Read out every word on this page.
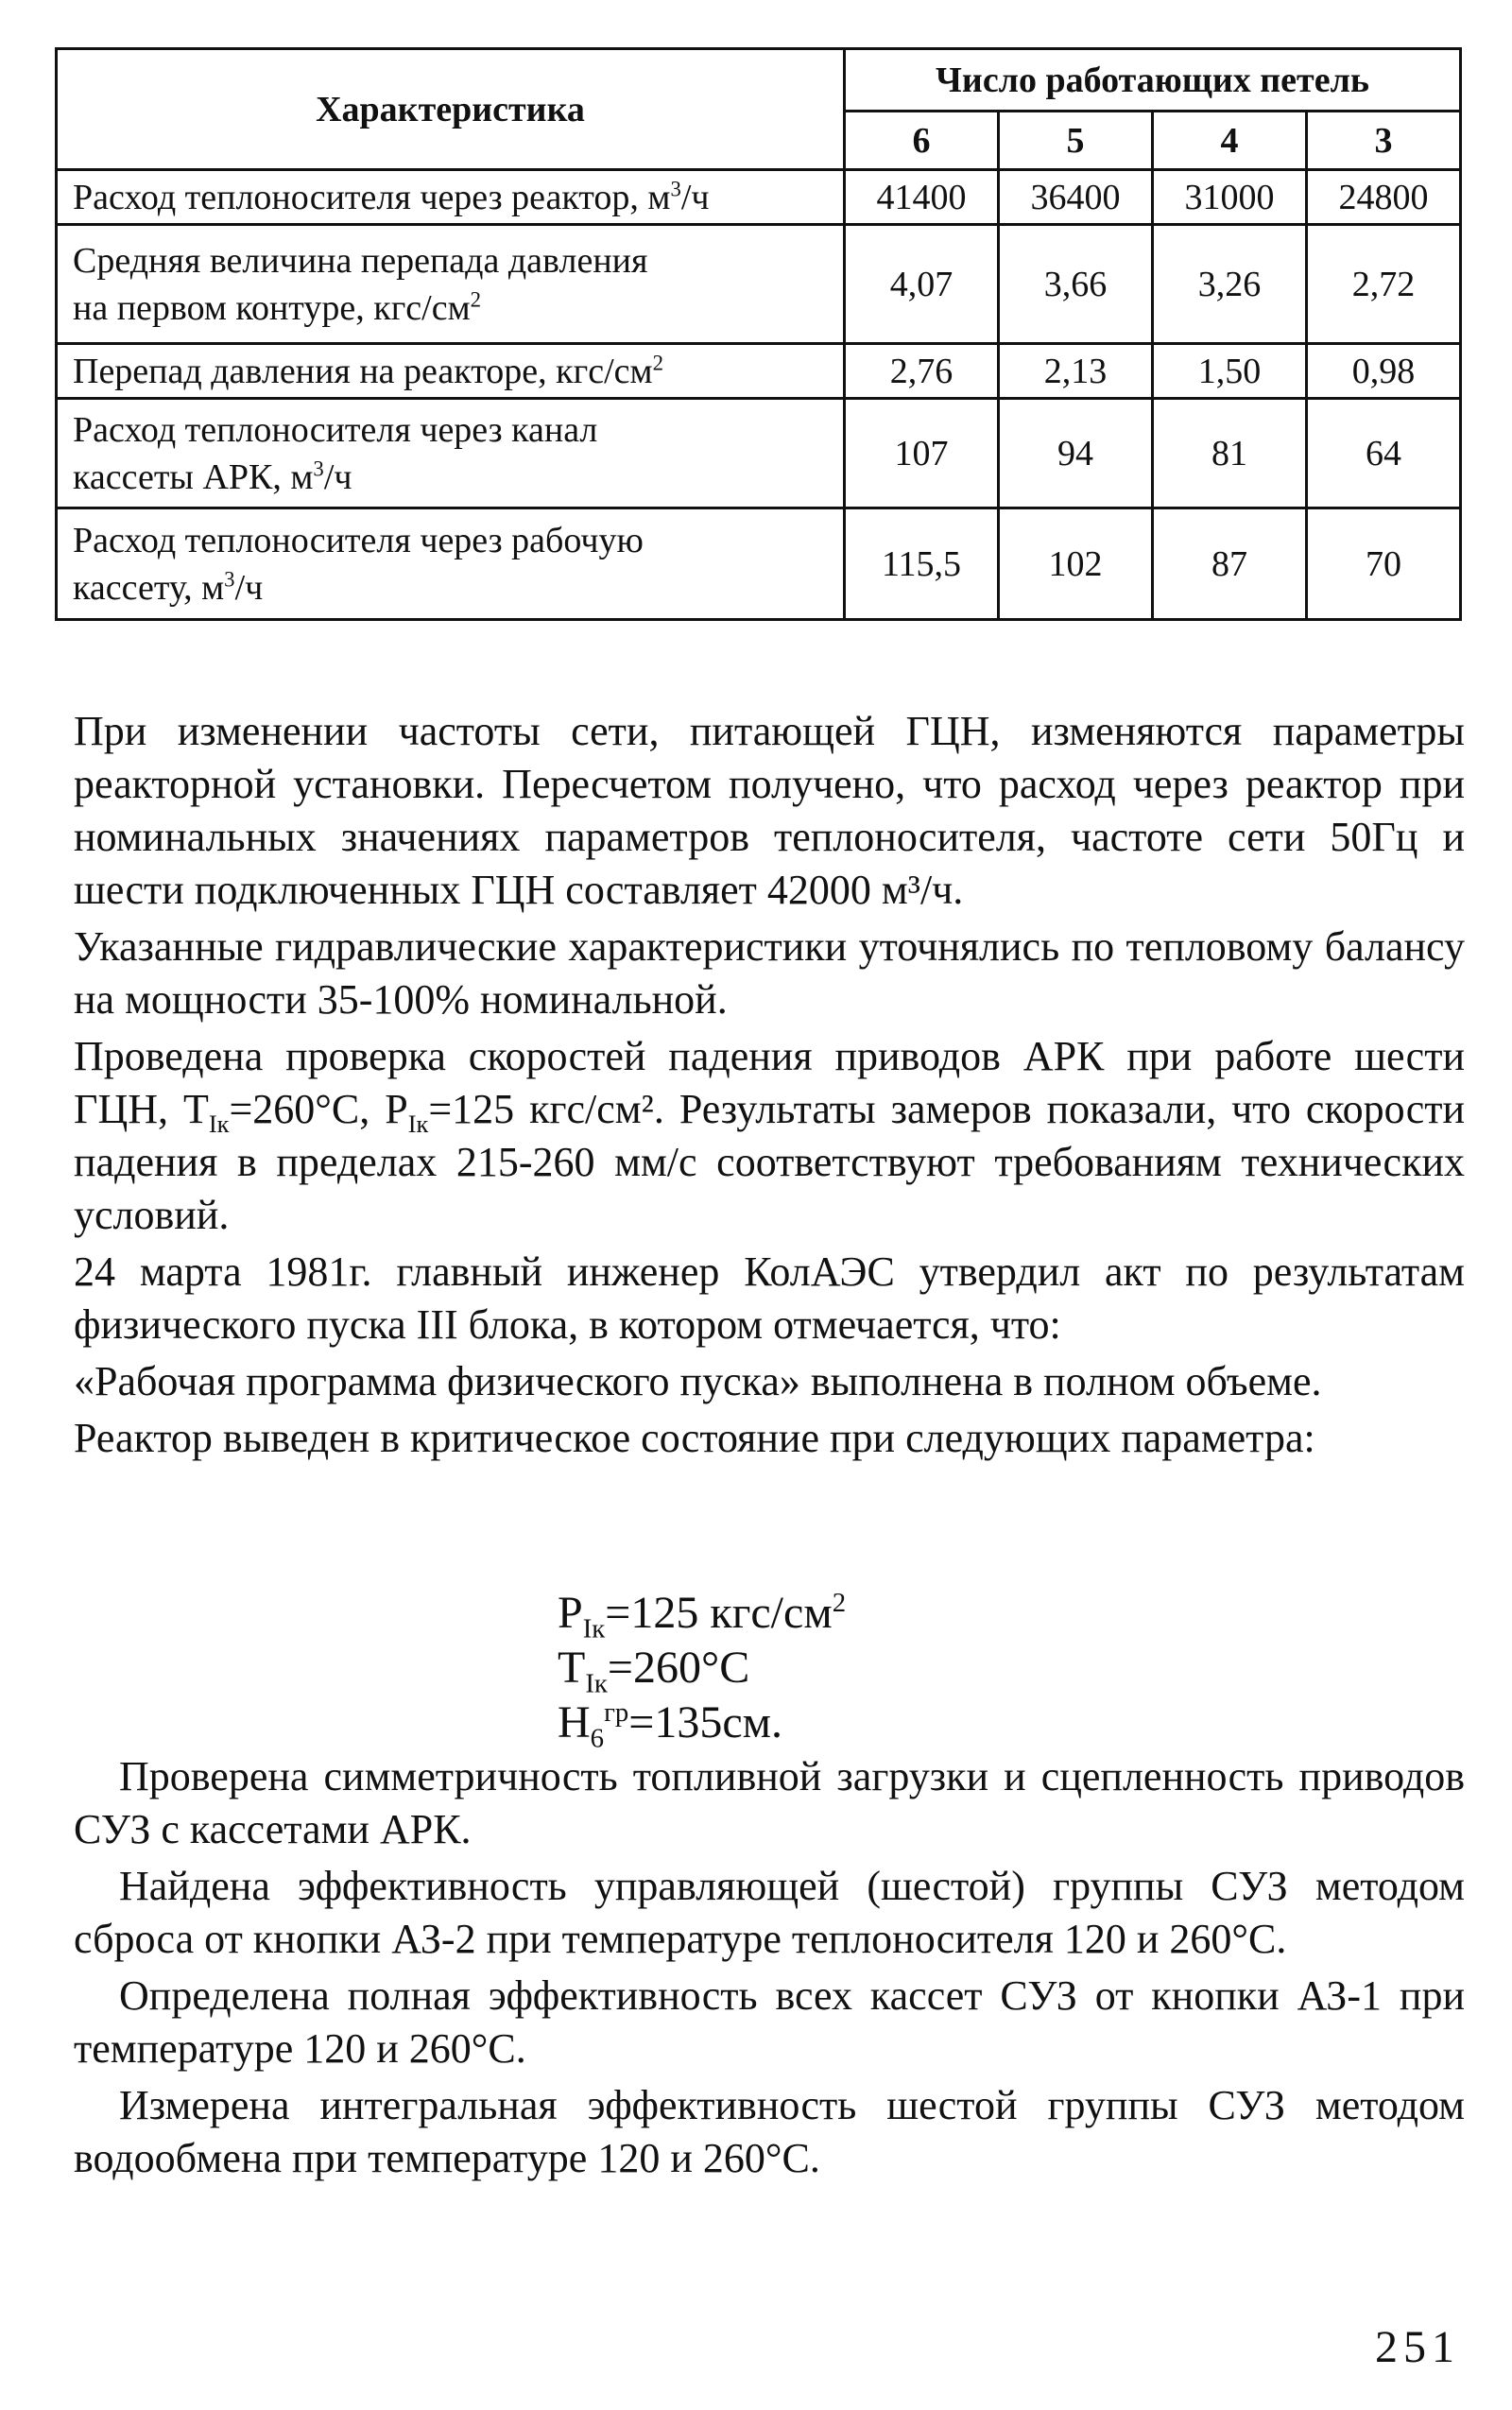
Характеристика	Число работающих петель			
	6	5	4	3
Расход теплоносителя через реактор, $м^3/ч$	41400	36400	31000	24800
Средняя величина перепада давления
на первом контуре, кгс/$см^2$	4,07	3,66	3,26	2,72
Перепад давления на реакторе, кгс/$см^2$	2,76	2,13	1,50	0,98
Расход теплоносителя через канал
кассеты АРК, $м^3/ч$	107	94	81	64
Расход теплоносителя через рабочую
кассету, $м^3/ч$	115,5	102	87	70

При изменении частоты сети, питающей ГЦН, изменяются параметры реакторной установки. Пересчетом получено, что расход через реактор при номинальных значениях параметров теплоносителя, частоте сети 50Гц и шести подключенных ГЦН составляет 42000 м³/ч.

Указанные гидравлические характеристики уточнялись по тепловому балансу на мощности 35-100% номинальной.

Проведена проверка скоростей падения приводов АРК при работе шести ГЦН, $Т_{Iк}=260^\circ С$, $Р_{Iк}=125$ кгс/см². Результаты замеров показали, что скорости падения в пределах 215-260 мм/с соответствуют требованиям технических условий.

24 марта 1981г. главный инженер КолАЭС утвердил акт по результатам физического пуска III блока, в котором отмечается, что:

«Рабочая программа физического пуска» выполнена в полном объеме.

Реактор выведен в критическое состояние при следующих параметра:

$Р_{Iк}=125$ кгс/$см^2$
$Т_{Iк}=260^\circ С$
$Н_6^{гр}=135см$.

Проверена симметричность топливной загрузки и сцепленность приводов СУЗ с кассетами АРК.

Найдена эффективность управляющей (шестой) группы СУЗ методом сброса от кнопки АЗ-2 при температуре теплоносителя 120 и 260°С.

Определена полная эффективность всех кассет СУЗ от кнопки АЗ-1 при температуре 120 и 260°С.

Измерена интегральная эффективность шестой группы СУЗ методом водообмена при температуре 120 и 260°С.

251
